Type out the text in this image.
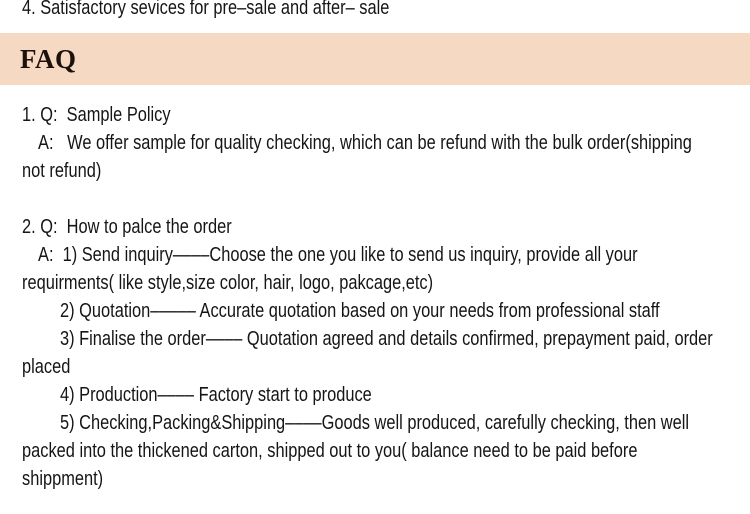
4. Satisfactory sevices for pre–sale and after– sale
FAQ
1. Q:  Sample Policy
A:   We offer sample for quality checking, which can be refund with the bulk order(shipping
not refund)
2. Q:  How to palce the order
A:  1) Send inquiry––––Choose the one you like to send us inquiry, provide all your
requirments( like style,size color, hair, logo, pakcage,etc)
2) Quotation––––– Accurate quotation based on your needs from professional staff
3) Finalise the order–––– Quotation agreed and details confirmed, prepayment paid, order
placed
4) Production–––– Factory start to produce
5) Checking,Packing&Shipping––––Goods well produced, carefully checking, then well
packed into the thickened carton, shipped out to you( balance need to be paid before
shippment)
